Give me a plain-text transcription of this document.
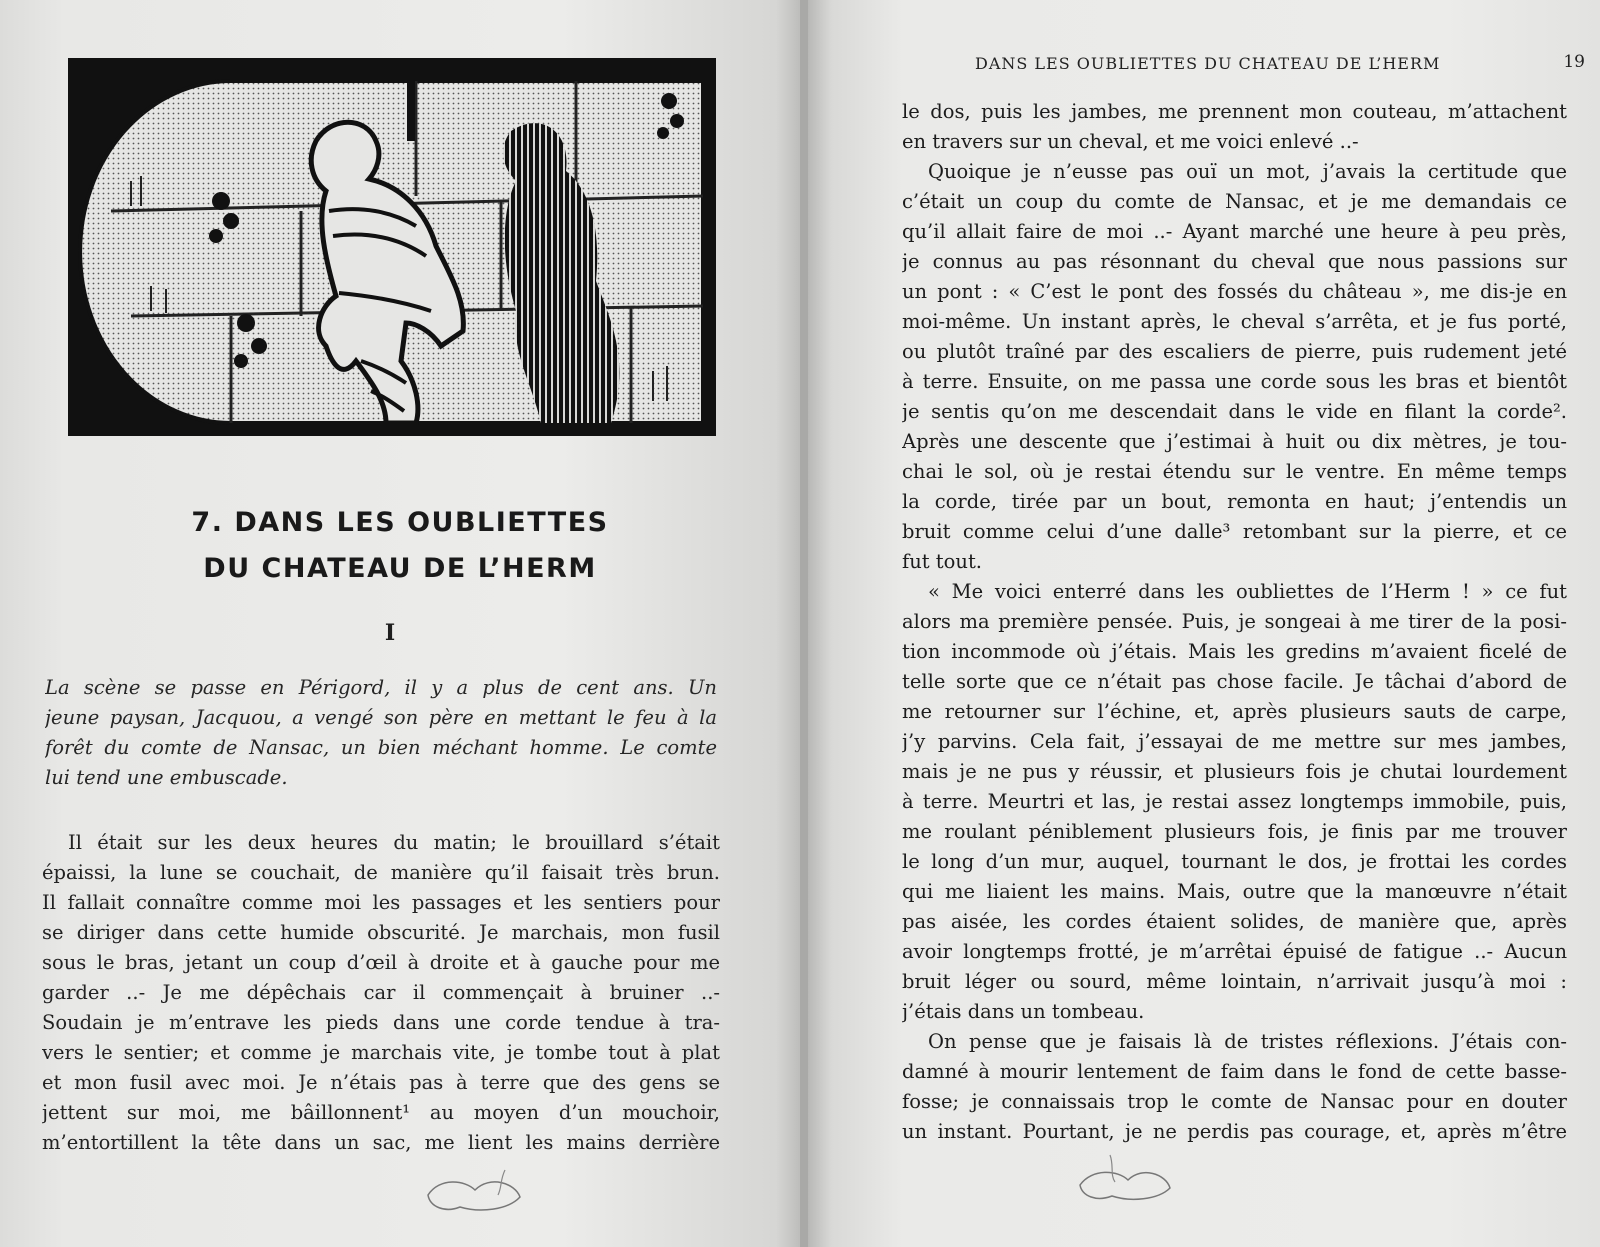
7. DANS LES OUBLIETTES
DU CHATEAU DE L’HERM
I
La scène se passe en Périgord, il y a plus de cent ans. Un
jeune paysan, Jacquou, a vengé son père en mettant le feu à la
forêt du comte de Nansac, un bien méchant homme. Le comte
lui tend une embuscade.
Il était sur les deux heures du matin; le brouillard s’était
épaissi, la lune se couchait, de manière qu’il faisait très brun.
Il fallait connaître comme moi les passages et les sentiers pour
se diriger dans cette humide obscurité. Je marchais, mon fusil
sous le bras, jetant un coup d’œil à droite et à gauche pour me
garder ..- Je me dépêchais car il commençait à bruiner ..-
Soudain je m’entrave les pieds dans une corde tendue à tra-
vers le sentier; et comme je marchais vite, je tombe tout à plat
et mon fusil avec moi. Je n’étais pas à terre que des gens se
jettent sur moi, me bâillonnent¹ au moyen d’un mouchoir,
m’entortillent la tête dans un sac, me lient les mains derrière
DANS LES OUBLIETTES DU CHATEAU DE L’HERM	19
le dos, puis les jambes, me prennent mon couteau, m’attachent
en travers sur un cheval, et me voici enlevé ..-
Quoique je n’eusse pas ouï un mot, j’avais la certitude que
c’était un coup du comte de Nansac, et je me demandais ce
qu’il allait faire de moi ..- Ayant marché une heure à peu près,
je connus au pas résonnant du cheval que nous passions sur
un pont : « C’est le pont des fossés du château », me dis-je en
moi-même. Un instant après, le cheval s’arrêta, et je fus porté,
ou plutôt traîné par des escaliers de pierre, puis rudement jeté
à terre. Ensuite, on me passa une corde sous les bras et bientôt
je sentis qu’on me descendait dans le vide en filant la corde².
Après une descente que j’estimai à huit ou dix mètres, je tou-
chai le sol, où je restai étendu sur le ventre. En même temps
la corde, tirée par un bout, remonta en haut; j’entendis un
bruit comme celui d’une dalle³ retombant sur la pierre, et ce
fut tout.
« Me voici enterré dans les oubliettes de l’Herm ! » ce fut
alors ma première pensée. Puis, je songeai à me tirer de la posi-
tion incommode où j’étais. Mais les gredins m’avaient ficelé de
telle sorte que ce n’était pas chose facile. Je tâchai d’abord de
me retourner sur l’échine, et, après plusieurs sauts de carpe,
j’y parvins. Cela fait, j’essayai de me mettre sur mes jambes,
mais je ne pus y réussir, et plusieurs fois je chutai lourdement
à terre. Meurtri et las, je restai assez longtemps immobile, puis,
me roulant péniblement plusieurs fois, je finis par me trouver
le long d’un mur, auquel, tournant le dos, je frottai les cordes
qui me liaient les mains. Mais, outre que la manœuvre n’était
pas aisée, les cordes étaient solides, de manière que, après
avoir longtemps frotté, je m’arrêtai épuisé de fatigue ..- Aucun
bruit léger ou sourd, même lointain, n’arrivait jusqu’à moi :
j’étais dans un tombeau.
On pense que je faisais là de tristes réflexions. J’étais con-
damné à mourir lentement de faim dans le fond de cette basse-
fosse; je connaissais trop le comte de Nansac pour en douter
un instant. Pourtant, je ne perdis pas courage, et, après m’être
